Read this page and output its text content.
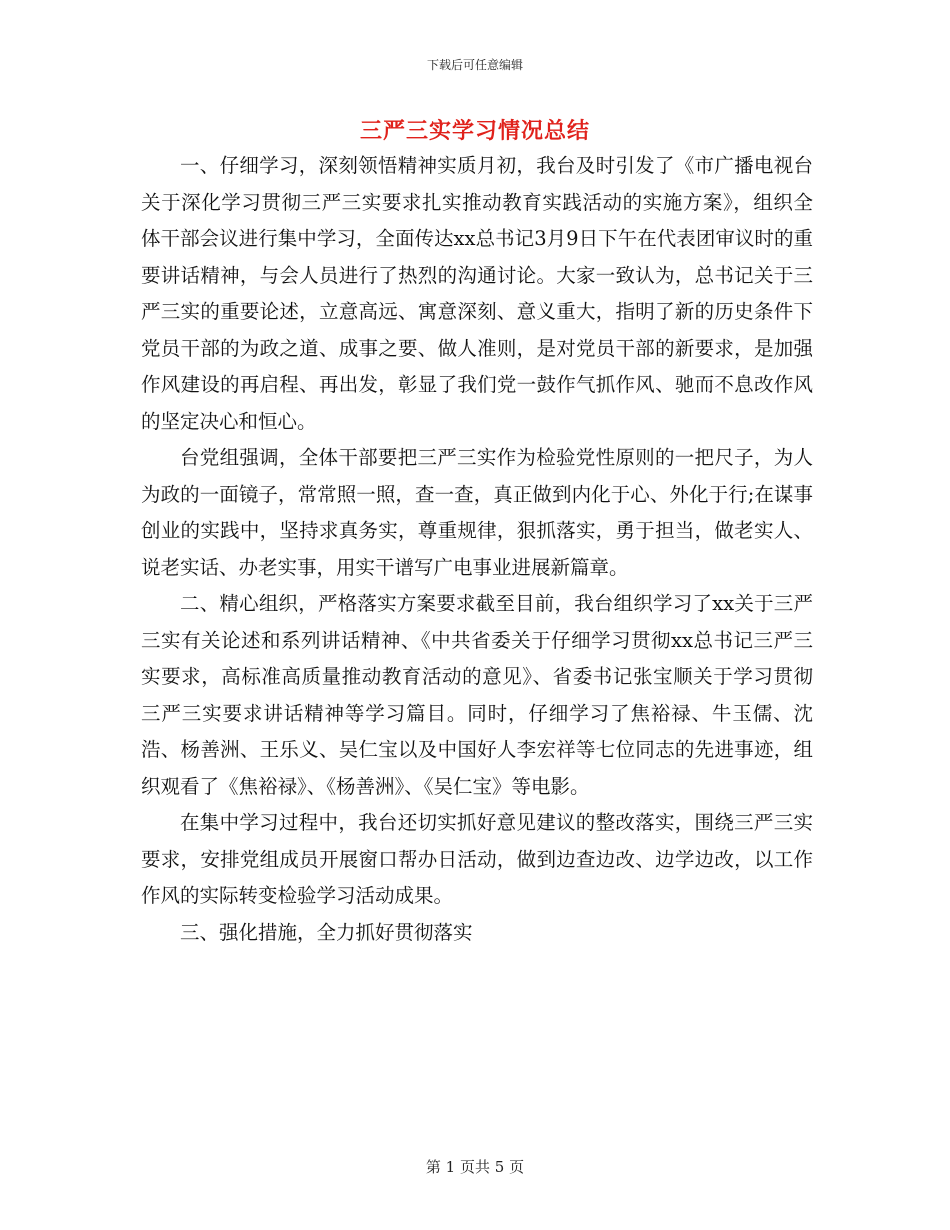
下载后可任意编辑
三严三实学习情况总结

一、仔细学习，深刻领悟精神实质月初，我台及时引发了《市广播电视台关于深化学习贯彻三严三实要求扎实推动教育实践活动的实施方案》，组织全体干部会议进行集中学习，全面传达xx总书记3月9日下午在代表团审议时的重要讲话精神，与会人员进行了热烈的沟通讨论。大家一致认为，总书记关于三严三实的重要论述，立意高远、寓意深刻、意义重大，指明了新的历史条件下党员干部的为政之道、成事之要、做人准则，是对党员干部的新要求，是加强作风建设的再启程、再出发，彰显了我们党一鼓作气抓作风、驰而不息改作风的坚定决心和恒心。

台党组强调，全体干部要把三严三实作为检验党性原则的一把尺子，为人为政的一面镜子，常常照一照，查一查，真正做到内化于心、外化于行;在谋事创业的实践中，坚持求真务实，尊重规律，狠抓落实，勇于担当，做老实人、说老实话、办老实事，用实干谱写广电事业进展新篇章。

二、精心组织，严格落实方案要求截至目前，我台组织学习了xx关于三严三实有关论述和系列讲话精神、《中共省委关于仔细学习贯彻xx总书记三严三实要求，高标准高质量推动教育活动的意见》、省委书记张宝顺关于学习贯彻三严三实要求讲话精神等学习篇目。同时，仔细学习了焦裕禄、牛玉儒、沈浩、杨善洲、王乐义、吴仁宝以及中国好人李宏祥等七位同志的先进事迹，组织观看了《焦裕禄》、《杨善洲》、《吴仁宝》等电影。

在集中学习过程中，我台还切实抓好意见建议的整改落实，围绕三严三实要求，安排党组成员开展窗口帮办日活动，做到边查边改、边学边改，以工作作风的实际转变检验学习活动成果。

三、强化措施，全力抓好贯彻落实

第 1 页共 5 页
